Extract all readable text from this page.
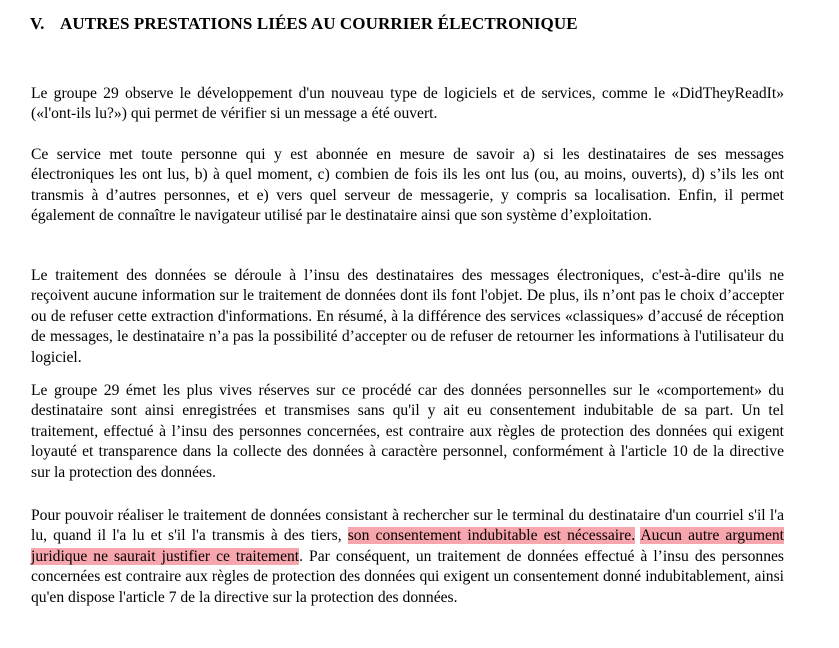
V. AUTRES PRESTATIONS LIÉES AU COURRIER ÉLECTRONIQUE

Le groupe 29 observe le développement d'un nouveau type de logiciels et de services, comme le «DidTheyReadIt» («l'ont-ils lu?») qui permet de vérifier si un message a été ouvert.

Ce service met toute personne qui y est abonnée en mesure de savoir a) si les destinataires de ses messages électroniques les ont lus, b) à quel moment, c) combien de fois ils les ont lus (ou, au moins, ouverts), d) s’ils les ont transmis à d’autres personnes, et e) vers quel serveur de messagerie, y compris sa localisation. Enfin, il permet également de connaître le navigateur utilisé par le destinataire ainsi que son système d’exploitation.

Le traitement des données se déroule à l’insu des destinataires des messages électroniques, c'est-à-dire qu'ils ne reçoivent aucune information sur le traitement de données dont ils font l'objet. De plus, ils n’ont pas le choix d’accepter ou de refuser cette extraction d'informations. En résumé, à la différence des services «classiques» d’accusé de réception de messages, le destinataire n’a pas la possibilité d’accepter ou de refuser de retourner les informations à l'utilisateur du logiciel.

Le groupe 29 émet les plus vives réserves sur ce procédé car des données personnelles sur le «comportement» du destinataire sont ainsi enregistrées et transmises sans qu'il y ait eu consentement indubitable de sa part. Un tel traitement, effectué à l’insu des personnes concernées, est contraire aux règles de protection des données qui exigent loyauté et transparence dans la collecte des données à caractère personnel, conformément à l'article 10 de la directive sur la protection des données.

Pour pouvoir réaliser le traitement de données consistant à rechercher sur le terminal du destinataire d'un courriel s'il l'a lu, quand il l'a lu et s'il l'a transmis à des tiers, son consentement indubitable est nécessaire. Aucun autre argument juridique ne saurait justifier ce traitement. Par conséquent, un traitement de données effectué à l’insu des personnes concernées est contraire aux règles de protection des données qui exigent un consentement donné indubitablement, ainsi qu'en dispose l'article 7 de la directive sur la protection des données.
